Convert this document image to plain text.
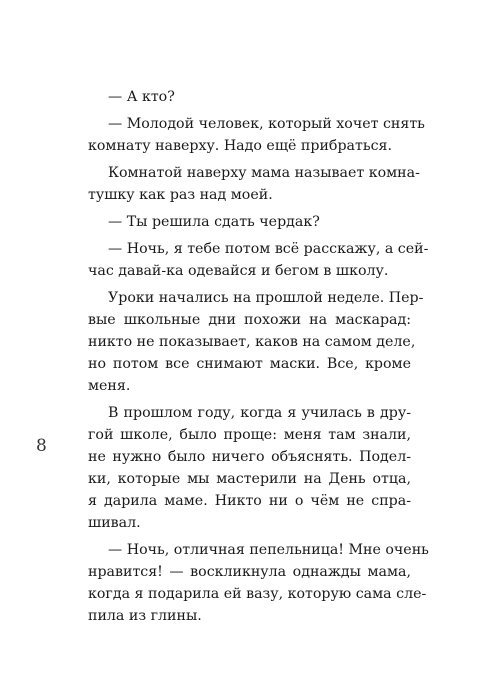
8

— А кто?

— Молодой человек, который хочет снять
комнату наверху. Надо ещё прибраться.

Комнатой наверху мама называет комна-
тушку как раз над моей.

— Ты решила сдать чердак?

— Ночь, я тебе потом всё расскажу, а сей-
час давай-ка одевайся и бегом в школу.

Уроки начались на прошлой неделе. Пер-
вые школьные дни похожи на маскарад:
никто не показывает, каков на самом деле,
но потом все снимают маски. Все, кроме
меня.

В прошлом году, когда я училась в дру-
гой школе, было проще: меня там знали,
не нужно было ничего объяснять. Подел-
ки, которые мы мастерили на День отца,
я дарила маме. Никто ни о чём не спра-
шивал.

— Ночь, отличная пепельница! Мне очень
нравится! — воскликнула однажды мама,
когда я подарила ей вазу, которую сама сле-
пила из глины.
